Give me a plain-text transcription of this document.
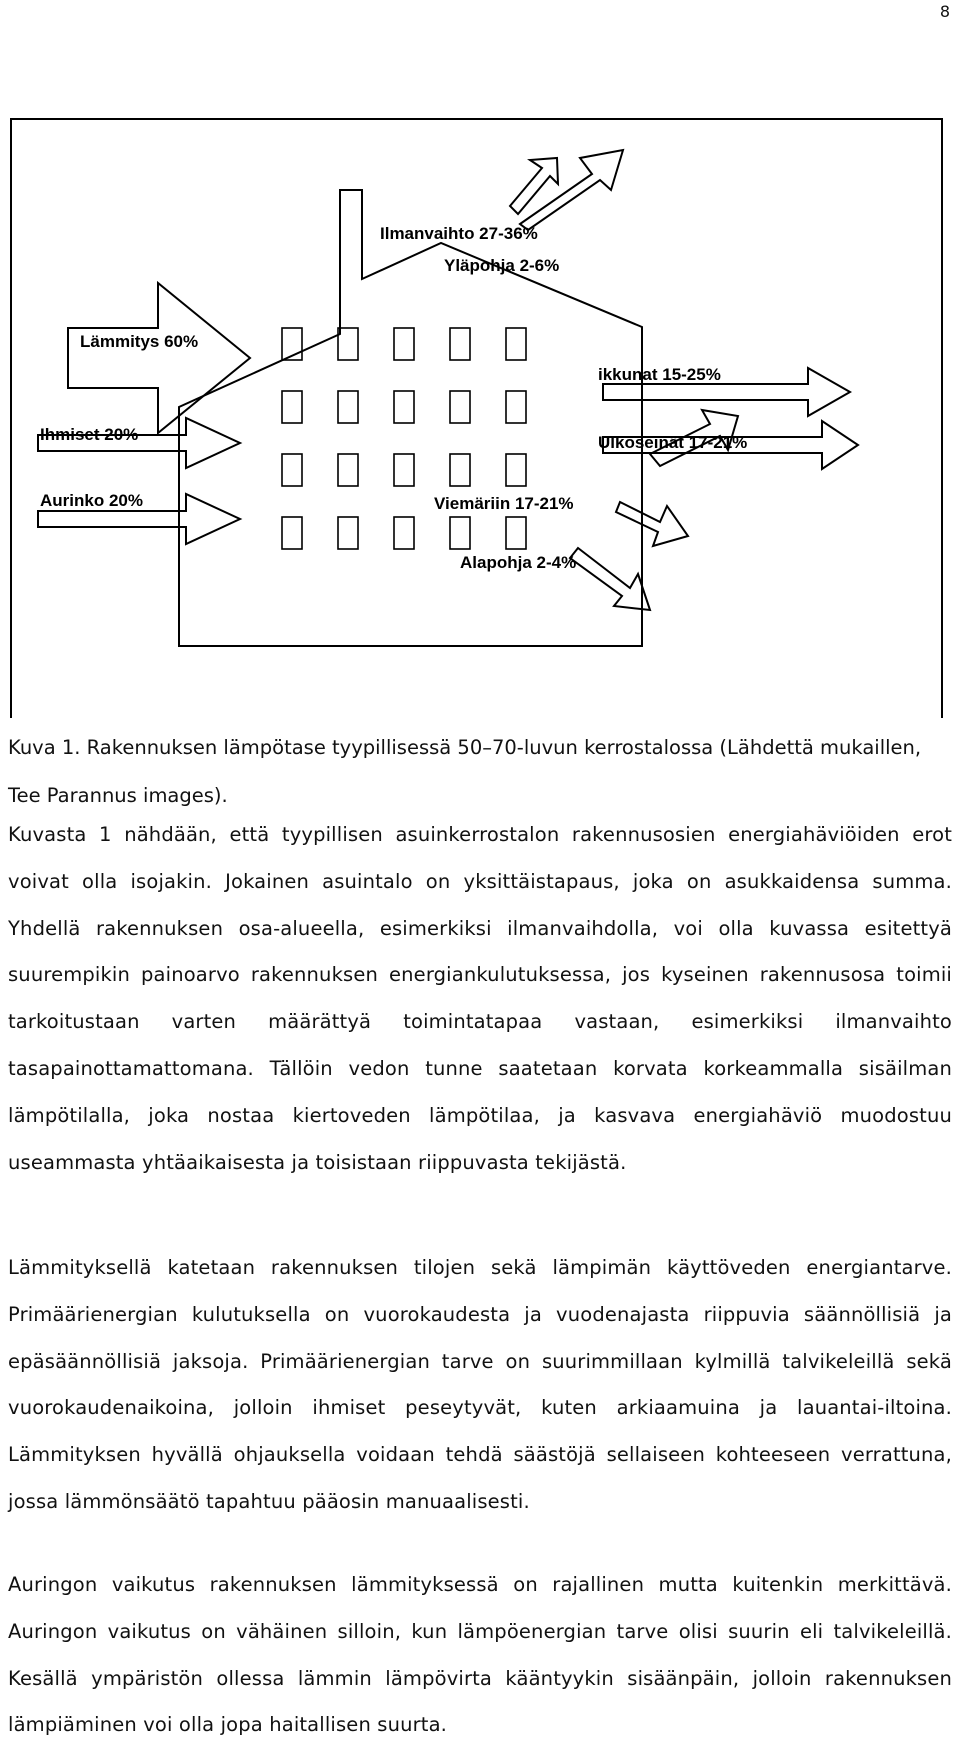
8
Ilmanvaihto 27-36%
Yläpohja 2-6%
Lämmitys 60%
Ihmiset 20%
Aurinko 20%
ikkunat 15-25%
Ulkoseinät 17-21%
Viemäriin 17-21%
Alapohja 2-4%
Kuva 1. Rakennuksen lämpötase tyypillisessä 50–70-luvun kerrostalossa (Lähdettä mukaillen, Tee Parannus images).

Kuvasta 1 nähdään, että tyypillisen asuinkerrostalon rakennusosien energiahäviöiden erot voivat olla isojakin. Jokainen asuintalo on yksittäistapaus, joka on asukkaidensa summa. Yhdellä rakennuksen osa-alueella, esimerkiksi ilmanvaihdolla, voi olla kuvassa esitettyä suurempikin painoarvo rakennuksen energiankulutuksessa, jos kyseinen rakennusosa toimii tarkoitustaan varten määrättyä toimintatapaa vastaan, esimerkiksi ilmanvaihto tasapainottamattomana. Tällöin vedon tunne saatetaan korvata korkeammalla sisäilman lämpötilalla, joka nostaa kiertoveden lämpötilaa, ja kasvava energiahäviö muodostuu useammasta yhtäaikaisesta ja toisistaan riippuvasta tekijästä.

Lämmityksellä katetaan rakennuksen tilojen sekä lämpimän käyttöveden energiantarve. Primäärienergian kulutuksella on vuorokaudesta ja vuodenajasta riippuvia säännöllisiä ja epäsäännöllisiä jaksoja. Primäärienergian tarve on suurimmillaan kylmillä talvikeleillä sekä vuorokaudenaikoina, jolloin ihmiset peseytyvät, kuten arkiaamuina ja lauantai-iltoina. Lämmityksen hyvällä ohjauksella voidaan tehdä säästöjä sellaiseen kohteeseen verrattuna, jossa lämmönsäätö tapahtuu pääosin manuaalisesti.

Auringon vaikutus rakennuksen lämmityksessä on rajallinen mutta kuitenkin merkittävä. Auringon vaikutus on vähäinen silloin, kun lämpöenergian tarve olisi suurin eli talvikeleillä. Kesällä ympäristön ollessa lämmin lämpövirta kääntyykin sisäänpäin, jolloin rakennuksen lämpiäminen voi olla jopa haitallisen suurta.
